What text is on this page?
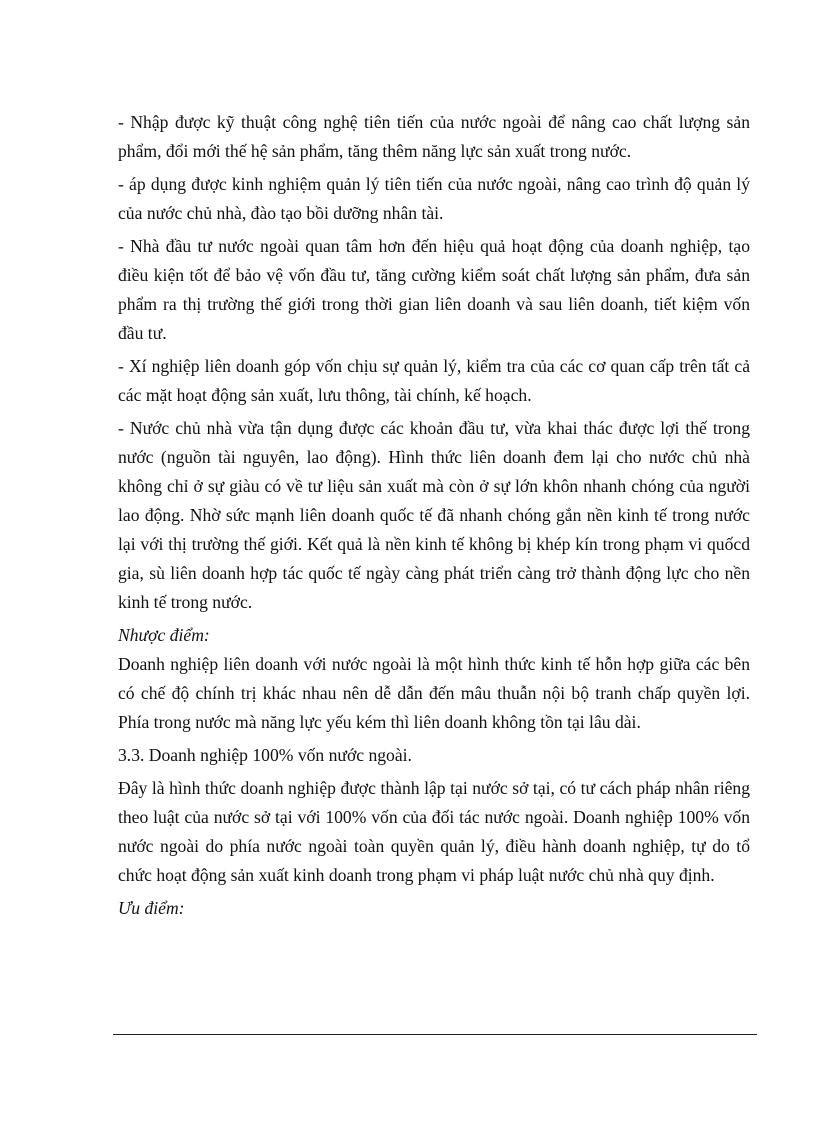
- Nhập được kỹ thuật công nghệ tiên tiến của nước ngoài để nâng cao chất lượng sản phẩm, đổi mới thế hệ sản phẩm, tăng thêm năng lực sản xuất trong nước.

- áp dụng được kinh nghiệm quản lý tiên tiến của nước ngoài, nâng cao trình độ quản lý của nước chủ nhà, đào tạo bồi dưỡng nhân tài.

- Nhà đầu tư nước ngoài quan tâm hơn đến hiệu quả hoạt động của doanh nghiệp, tạo điều kiện tốt để bảo vệ vốn đầu tư, tăng cường kiểm soát chất lượng sản phẩm, đưa sản phẩm ra thị trường thế giới trong thời gian liên doanh và sau liên doanh, tiết kiệm vốn đầu tư.

- Xí nghiệp liên doanh góp vốn chịu sự quản lý, kiểm tra của các cơ quan cấp trên tất cả các mặt hoạt động sản xuất, lưu thông, tài chính, kế hoạch.

- Nước chủ nhà vừa tận dụng được các khoản đầu tư, vừa khai thác được lợi thế trong nước (nguồn tài nguyên, lao động). Hình thức liên doanh đem lại cho nước chủ nhà không chỉ ở sự giàu có về tư liệu sản xuất mà còn ở sự lớn khôn nhanh chóng của người lao động. Nhờ sức mạnh liên doanh quốc tế đã nhanh chóng gắn nền kinh tế trong nước lại với thị trường thế giới. Kết quả là nền kinh tế không bị khép kín trong phạm vi quốcd gia, sù liên doanh hợp tác quốc tế ngày càng phát triển càng trở thành động lực cho nền kinh tế trong nước.

Nhược điểm:

Doanh nghiệp liên doanh với nước ngoài là một hình thức kinh tế hỗn hợp giữa các bên có chế độ chính trị khác nhau nên dễ dẫn đến mâu thuẫn nội bộ tranh chấp quyền lợi. Phía trong nước mà năng lực yếu kém thì liên doanh không tồn tại lâu dài.

3.3. Doanh nghiệp 100% vốn nước ngoài.

Đây là hình thức doanh nghiệp được thành lập tại nước sở tại, có tư cách pháp nhân riêng theo luật của nước sở tại với 100% vốn của đối tác nước ngoài. Doanh nghiệp 100% vốn nước ngoài do phía nước ngoài toàn quyền quản lý, điều hành doanh nghiệp, tự do tổ chức hoạt động sản xuất kinh doanh trong phạm vi pháp luật nước chủ nhà quy định.

Ưu điểm:
